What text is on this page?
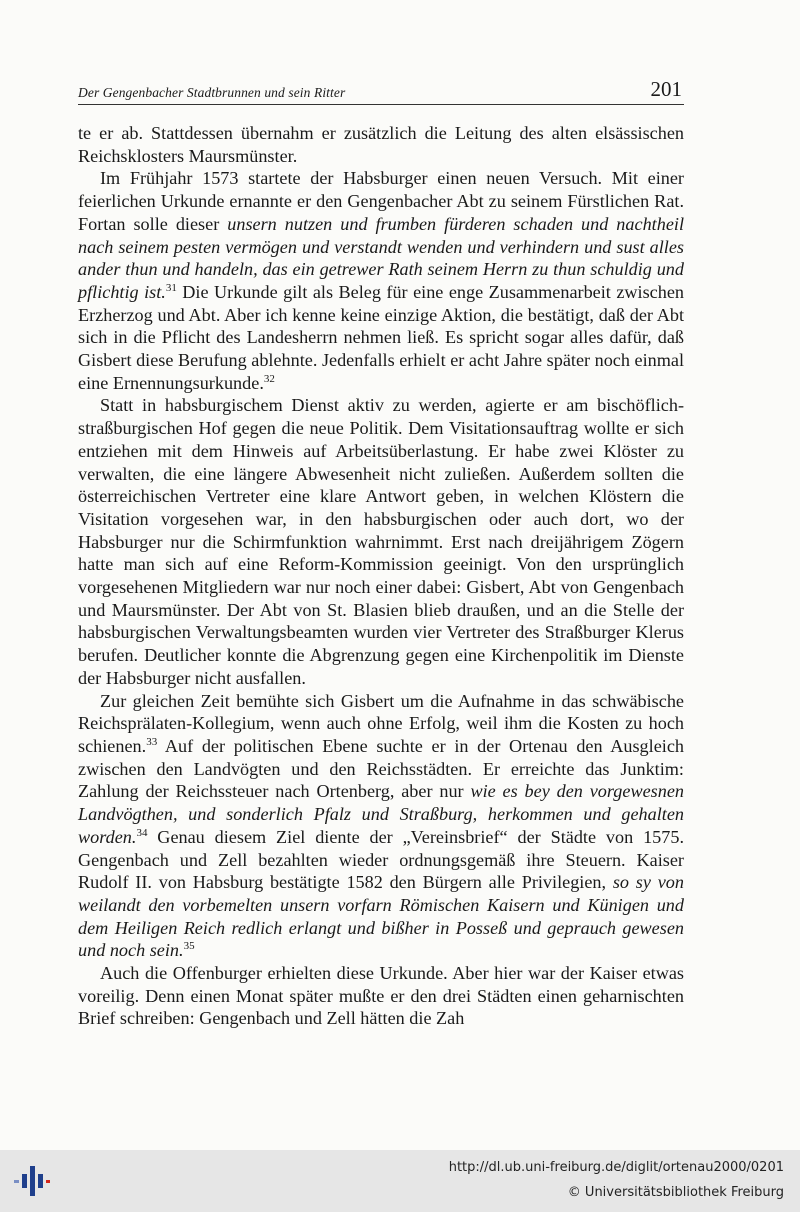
Der Gengenbacher Stadtbrunnen und sein Ritter	201

te er ab. Stattdessen übernahm er zusätzlich die Leitung des alten elsässischen Reichsklosters Maursmünster.

Im Frühjahr 1573 startete der Habsburger einen neuen Versuch. Mit einer feierlichen Urkunde ernannte er den Gengenbacher Abt zu seinem Fürstlichen Rat. Fortan solle dieser unsern nutzen und frumben fürderen schaden und nachtheil nach seinem pesten vermögen und verstandt wenden und verhindern und sust alles ander thun und handeln, das ein getrewer Rath seinem Herrn zu thun schuldig und pflichtig ist.$^{31}$ Die Urkunde gilt als Beleg für eine enge Zusammenarbeit zwischen Erzherzog und Abt. Aber ich kenne keine einzige Aktion, die bestätigt, daß der Abt sich in die Pflicht des Landesherrn nehmen ließ. Es spricht sogar alles dafür, daß Gisbert diese Berufung ablehnte. Jedenfalls erhielt er acht Jahre später noch einmal eine Ernennungsurkunde.$^{32}$

Statt in habsburgischem Dienst aktiv zu werden, agierte er am bischöflich-straßburgischen Hof gegen die neue Politik. Dem Visitationsauftrag wollte er sich entziehen mit dem Hinweis auf Arbeitsüberlastung. Er habe zwei Klöster zu verwalten, die eine längere Abwesenheit nicht zuließen. Außerdem sollten die österreichischen Vertreter eine klare Antwort geben, in welchen Klöstern die Visitation vorgesehen war, in den habsburgischen oder auch dort, wo der Habsburger nur die Schirmfunktion wahrnimmt. Erst nach dreijährigem Zögern hatte man sich auf eine Reform-Kommission geeinigt. Von den ursprünglich vorgesehenen Mitgliedern war nur noch einer dabei: Gisbert, Abt von Gengenbach und Maursmünster. Der Abt von St. Blasien blieb draußen, und an die Stelle der habsburgischen Verwaltungsbeamten wurden vier Vertreter des Straßburger Klerus berufen. Deutlicher konnte die Abgrenzung gegen eine Kirchenpolitik im Dienste der Habsburger nicht ausfallen.

Zur gleichen Zeit bemühte sich Gisbert um die Aufnahme in das schwäbische Reichsprälaten-Kollegium, wenn auch ohne Erfolg, weil ihm die Kosten zu hoch schienen.$^{33}$ Auf der politischen Ebene suchte er in der Ortenau den Ausgleich zwischen den Landvögten und den Reichsstädten. Er erreichte das Junktim: Zahlung der Reichssteuer nach Ortenberg, aber nur wie es bey den vorgewesnen Landvögthen, und sonderlich Pfalz und Straßburg, herkommen und gehalten worden.$^{34}$ Genau diesem Ziel diente der „Vereinsbrief“ der Städte von 1575. Gengenbach und Zell bezahlten wieder ordnungsgemäß ihre Steuern. Kaiser Rudolf II. von Habsburg bestätigte 1582 den Bürgern alle Privilegien, so sy von weilandt den vorbemelten unsern vorfarn Römischen Kaisern und Künigen und dem Heiligen Reich redlich erlangt und bißher in Posseß und geprauch gewesen und noch sein.$^{35}$

Auch die Offenburger erhielten diese Urkunde. Aber hier war der Kaiser etwas voreilig. Denn einen Monat später mußte er den drei Städten einen geharnischten Brief schreiben: Gengenbach und Zell hätten die Zah

http://dl.ub.uni-freiburg.de/diglit/ortenau2000/0201
© Universitätsbibliothek Freiburg
